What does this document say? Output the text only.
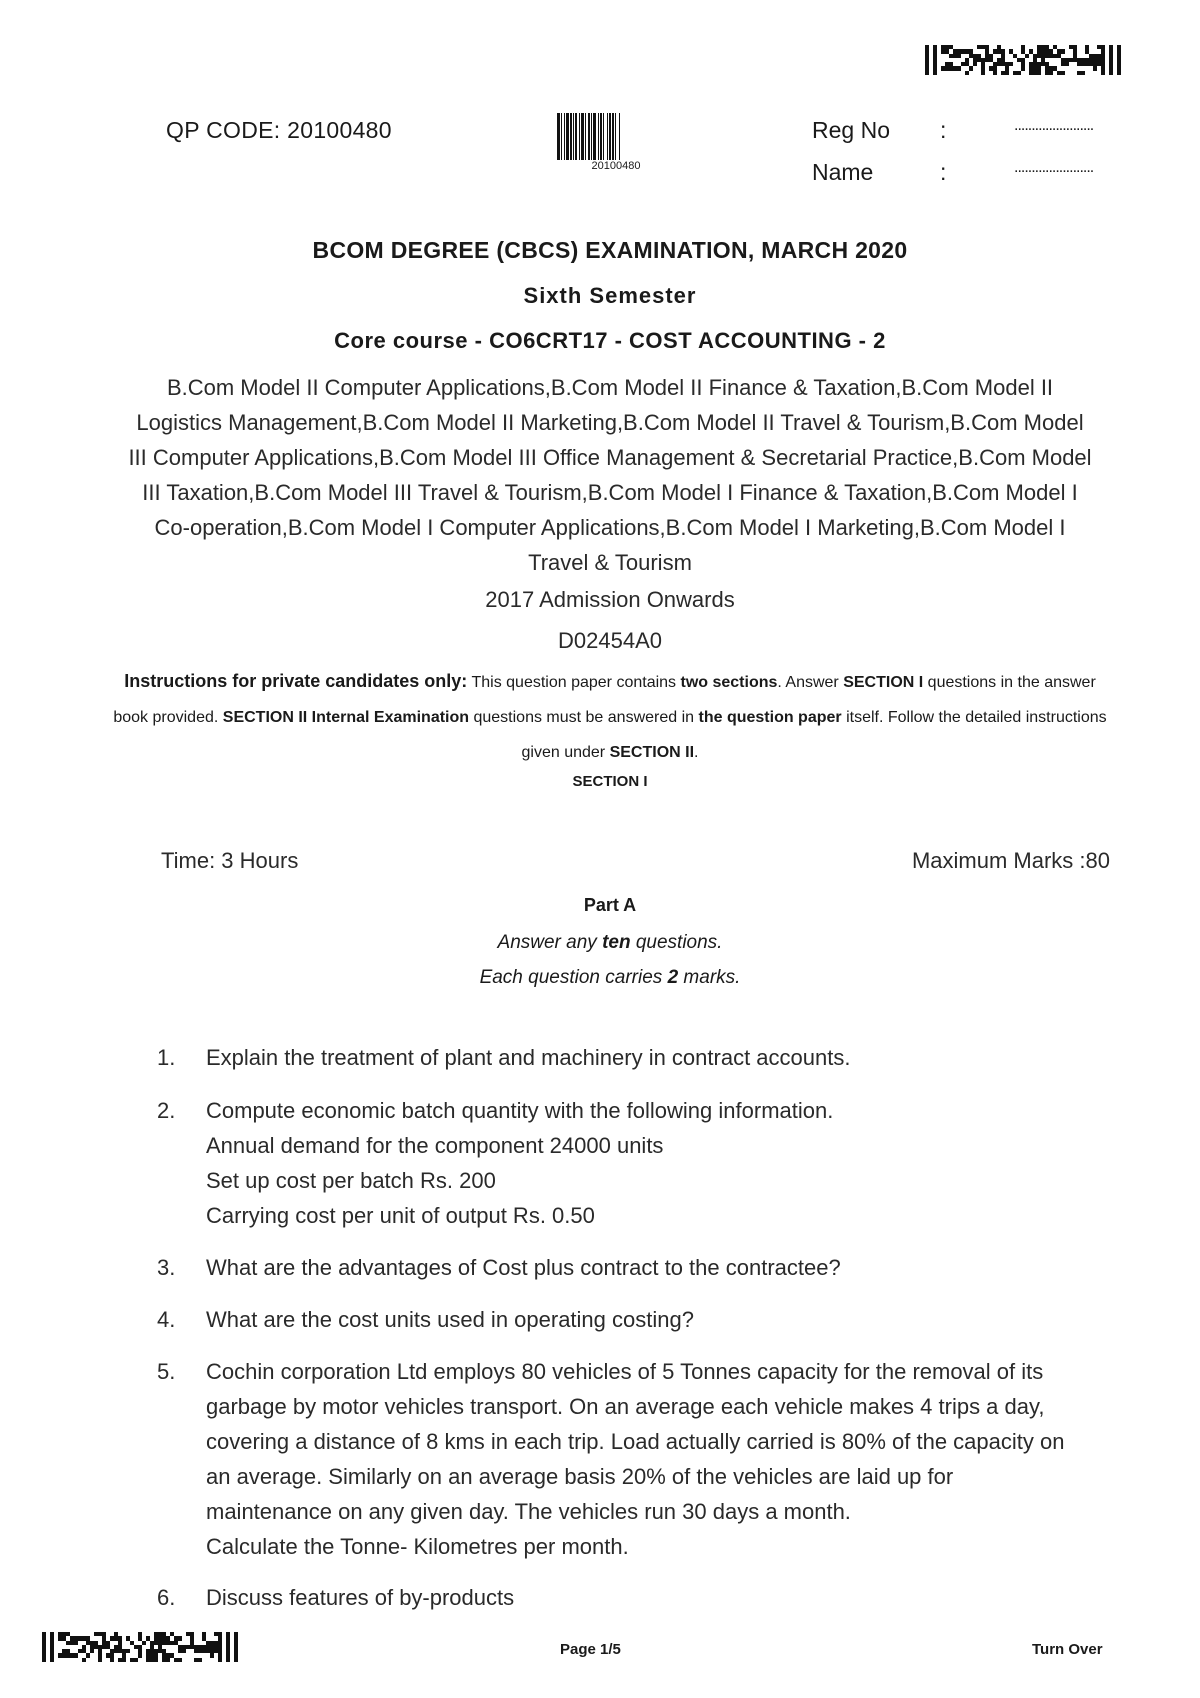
QP CODE: 20100480
20100480
Reg No :	.......................
Name	:	.......................
BCOM DEGREE (CBCS) EXAMINATION, MARCH 2020
Sixth Semester
Core course - CO6CRT17 - COST ACCOUNTING - 2
B.Com Model II Computer Applications,B.Com Model II Finance & Taxation,B.Com Model II
Logistics Management,B.Com Model II Marketing,B.Com Model II Travel & Tourism,B.Com Model
III Computer Applications,B.Com Model III Office Management & Secretarial Practice,B.Com Model
III Taxation,B.Com Model III Travel & Tourism,B.Com Model I Finance & Taxation,B.Com Model I
Co-operation,B.Com Model I Computer Applications,B.Com Model I Marketing,B.Com Model I
Travel & Tourism
2017 Admission Onwards
D02454A0
Instructions for private candidates only: This question paper contains two sections. Answer SECTION I questions in the answer book provided. SECTION II Internal Examination questions must be answered in the question paper itself. Follow the detailed instructions given under SECTION II.
SECTION I
Time: 3 Hours	Maximum Marks :80
Part A
Answer any ten questions.
Each question carries 2 marks.
1. Explain the treatment of plant and machinery in contract accounts.
2. Compute economic batch quantity with the following information.
Annual demand for the component 24000 units
Set up cost per batch Rs. 200
Carrying cost per unit of output Rs. 0.50
3. What are the advantages of Cost plus contract to the contractee?
4. What are the cost units used in operating costing?
5. Cochin corporation Ltd employs 80 vehicles of 5 Tonnes capacity for the removal of its
garbage by motor vehicles transport. On an average each vehicle makes 4 trips a day,
covering a distance of 8 kms in each trip. Load actually carried is 80% of the capacity on
an average. Similarly on an average basis 20% of the vehicles are laid up for
maintenance on any given day. The vehicles run 30 days a month.
Calculate the Tonne- Kilometres per month.
6. Discuss features of by-products
Page 1/5	Turn Over
